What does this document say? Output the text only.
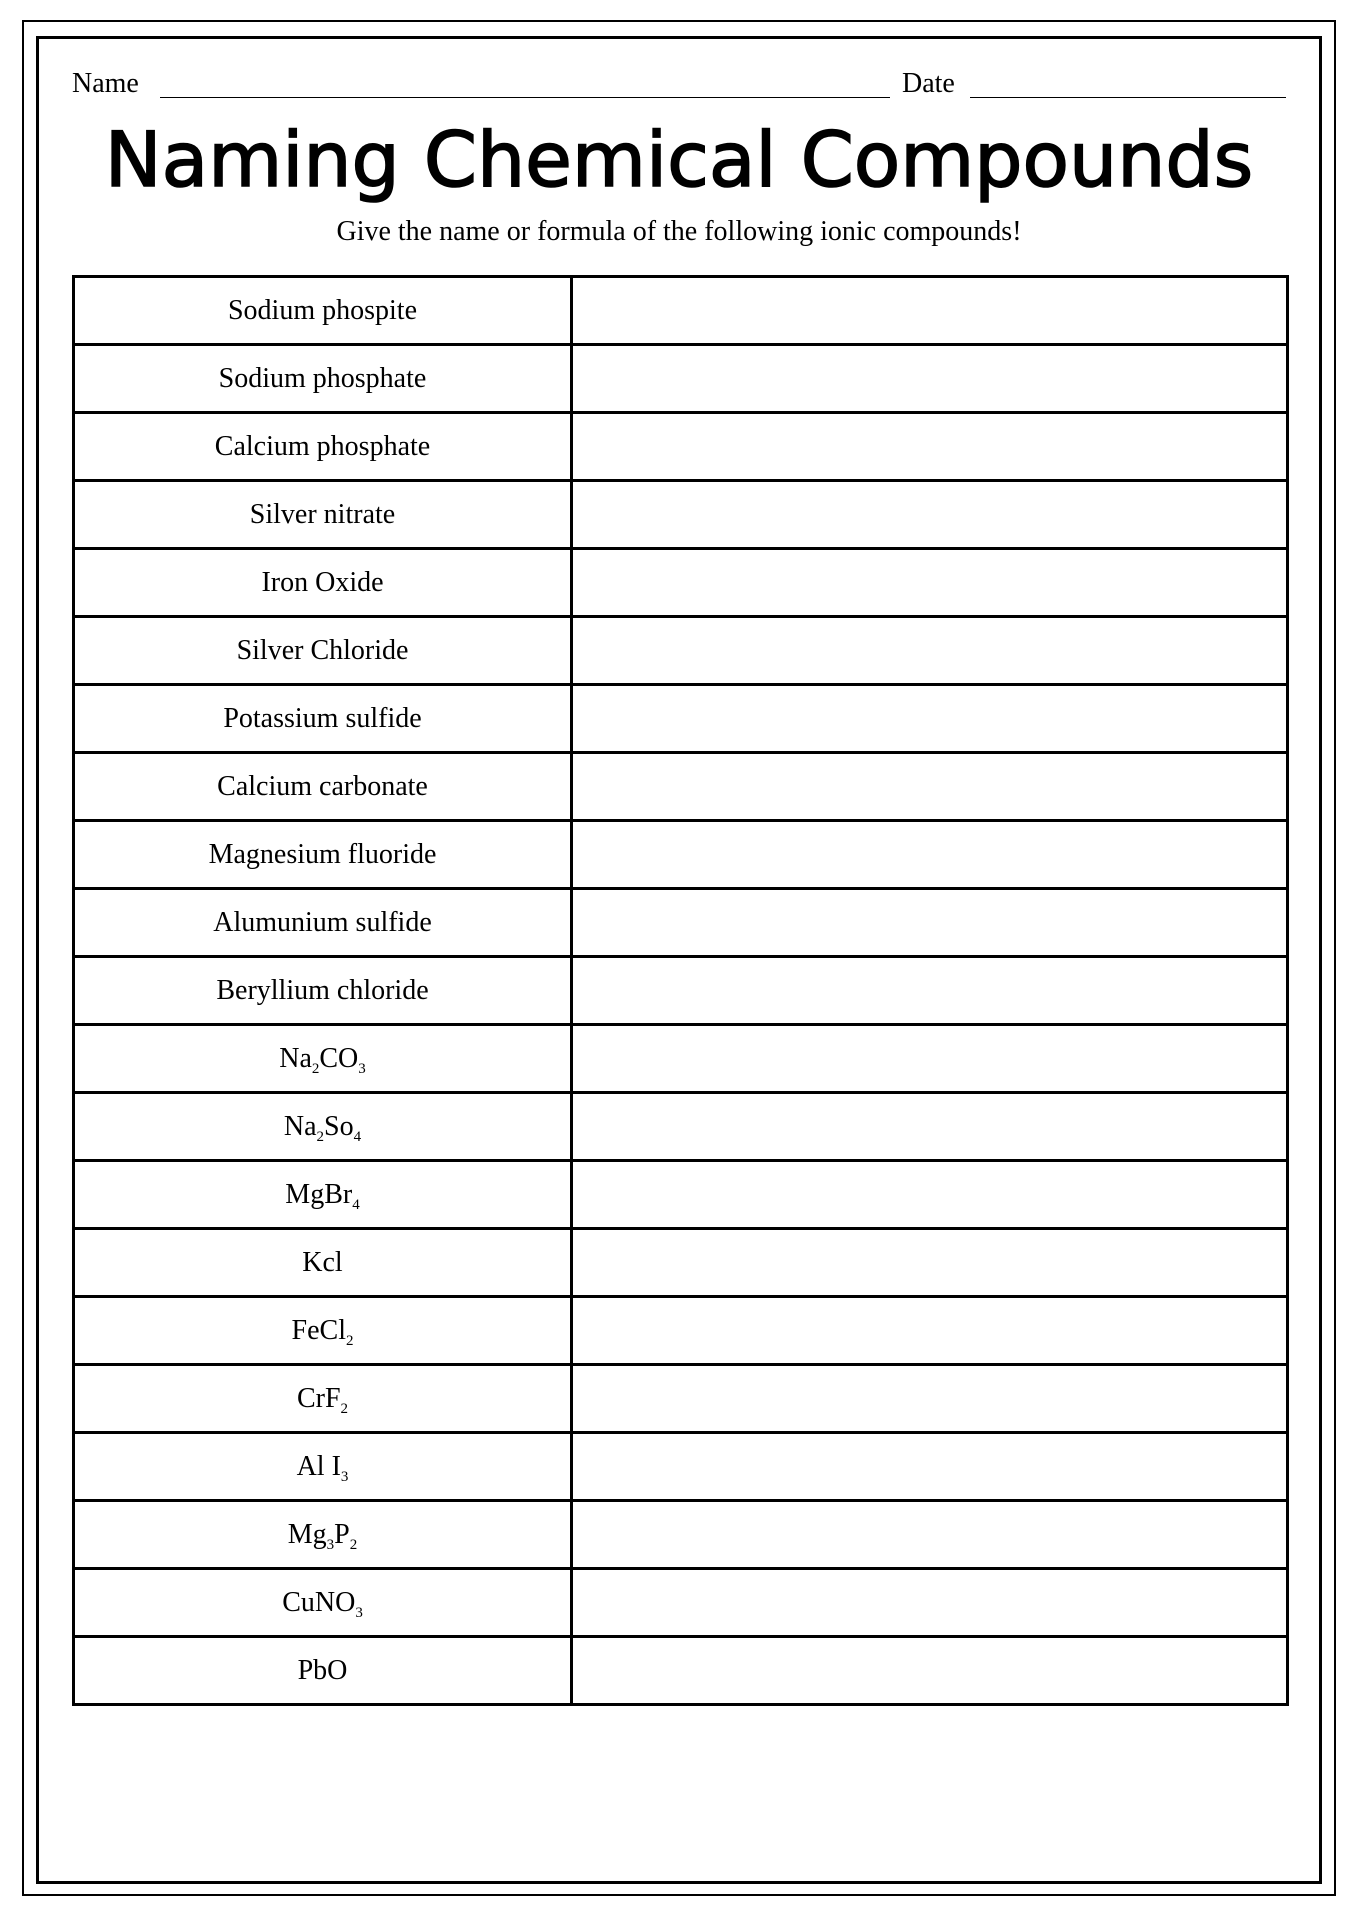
Name	Date
Naming Chemical Compounds
Give the name or formula of the following ionic compounds!
Sodium phospite	
Sodium phosphate	
Calcium phosphate	
Silver nitrate	
Iron Oxide	
Silver Chloride	
Potassium sulfide	
Calcium carbonate	
Magnesium fluoride	
Alumunium sulfide	
Beryllium chloride	
$Na_2CO_3$	
$Na_2So_4$	
MgBr$_4$	
Kcl	
FeCl$_2$	
CrF$_2$	
Al $I_3$	
$Mg_3P_2$	
CuNO$_3$	
PbO	
